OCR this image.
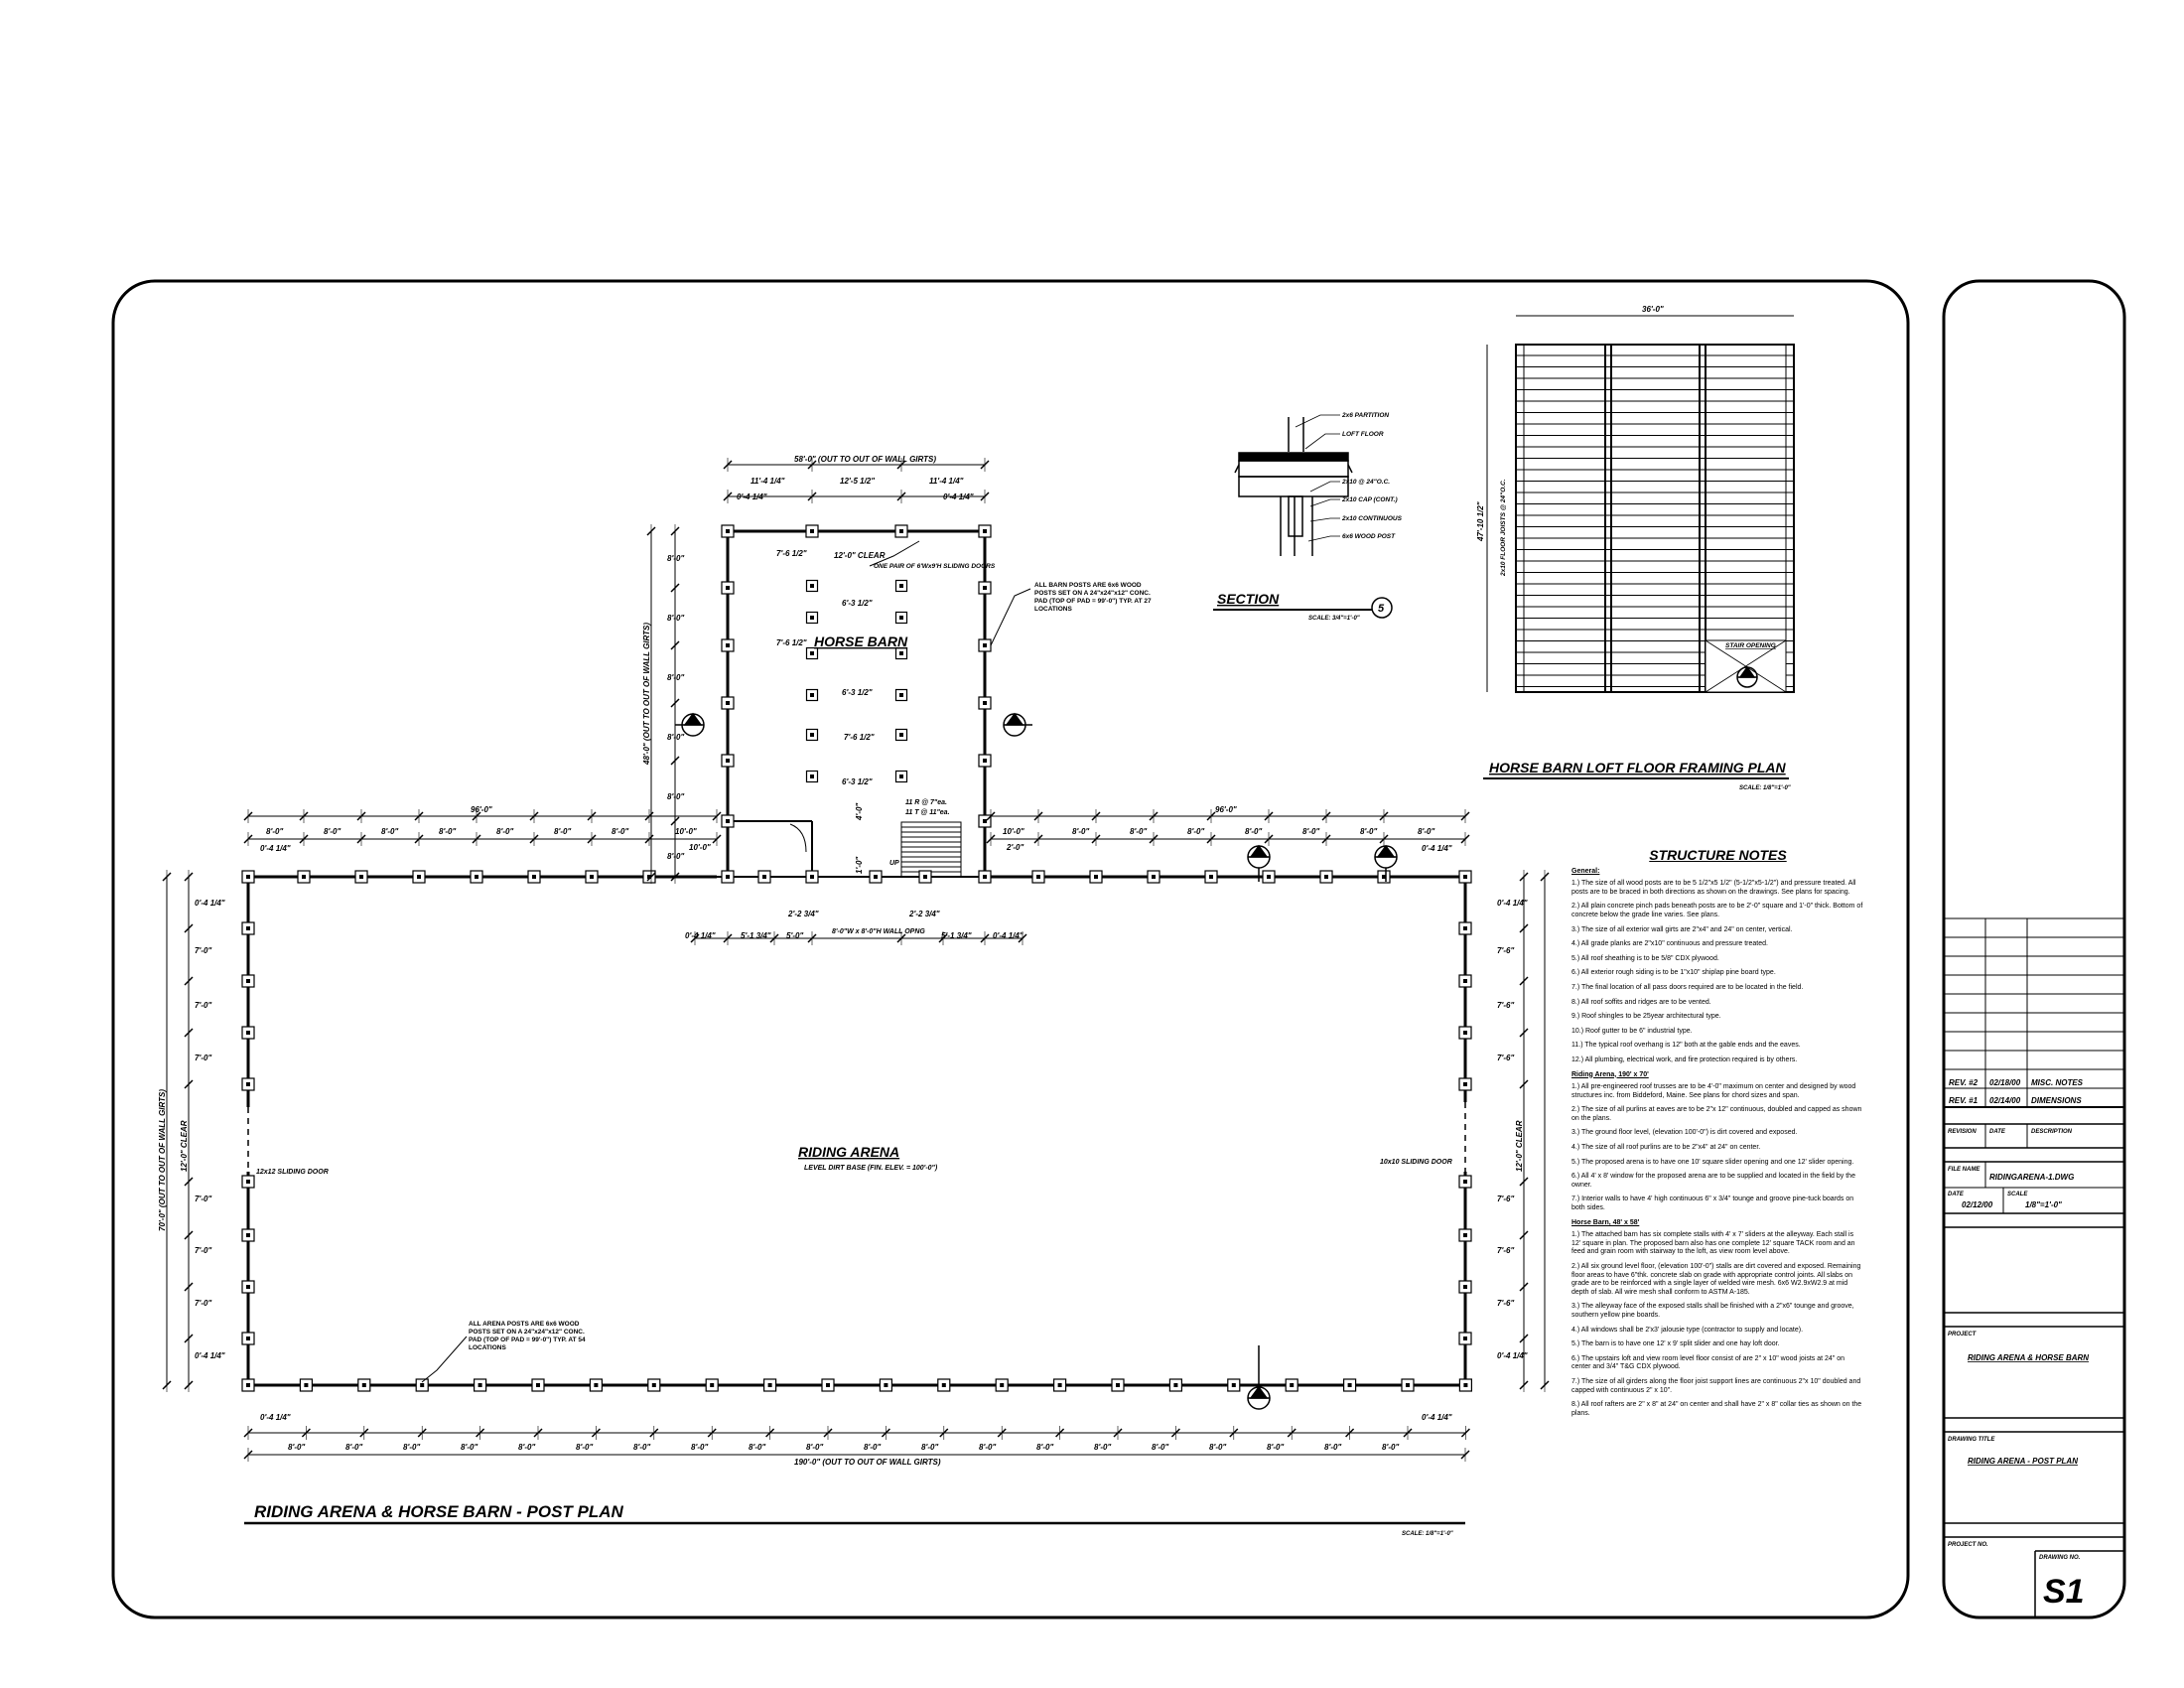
REV. #2 02/18/00 MISC. NOTES
REV. #1 02/14/00 DIMENSIONS
REVISION DATE	DESCRIPTION
FILE NAME
RIDINGARENA-1.DWG
DATE
02/12/00
SCALE
1/8"=1'-0"
PROJECT
RIDING ARENA & HORSE BARN
DRAWING TITLE
RIDING ARENA - POST PLAN
PROJECT NO.
DRAWING NO.
S1
UP
11 R @ 7"ea.
11 T @ 11"ea.
96'-0"	96'-0"
190'-0" (OUT TO OUT OF WALL GIRTS)
58'-0" (OUT TO OUT OF WALL GIRTS)
11'-4 1/4"	12'-5 1/2"	11'-4 1/4"
0'-4 1/4"	0'-4 1/4"
48'-0" (OUT TO OUT OF WALL GIRTS)
70'-0" (OUT TO OUT OF WALL GIRTS) 12'-0" CLEAR	12'-0" CLEAR
8'-0"	8'-0"	8'-0"	8'-0"	8'-0"	8'-0"	8'-0"	10'-0"	10'-0"	8'-0"	8'-0"	8'-0"	8'-0"	8'-0"	8'-0"	8'-0"
0'-4 1/4"	0'-4 1/4"
0'-4 1/4"	0'-4 1/4"
0'-4 1/4"	0'-4 1/4"
5'-1 3/4" 5'-0"	5'-1 3/4"
2'-2 3/4"	2'-2 3/4"
8'-0"W x 8'-0"H WALL OPNG
2'-0"
10'-0"
4'-0"
1'-0"
8'-0" 8'-0" 8'-0" 8'-0" 8'-0" 8'-0"
7'-6 1/2" 6'-3 1/2" 7'-6 1/2" 6'-3 1/2" 7'-6 1/2" 6'-3 1/2"
12'-0" CLEAR
0'-4 1/4" 7'-0" 7'-0" 7'-0" 7'-0" 7'-0" 7'-0" 0'-4 1/4"
0'-4 1/4" 7'-6" 7'-6" 7'-6" 7'-6" 7'-6" 7'-6" 0'-4 1/4"
8'-0"	8'-0"	8'-0"	8'-0"	8'-0"	8'-0"	8'-0"	8'-0"	8'-0"	8'-0"	8'-0"	8'-0"	8'-0"	8'-0"	8'-0"	8'-0"	8'-0"	8'-0"	8'-0"	8'-0"
HORSE BARN
RIDING ARENA
LEVEL DIRT BASE (FIN. ELEV. = 100'-0")
12x12 SLIDING DOOR
10x10 SLIDING DOOR
ONE PAIR OF 6'Wx9'H SLIDING DOORS
ALL BARN POSTS ARE 6x6 WOOD POSTS SET ON A 24"x24"x12" CONC. PAD (TOP OF PAD = 99'-0") TYP. AT 27 LOCATIONS
ALL ARENA POSTS ARE 6x6 WOOD POSTS SET ON A 24"x24"x12" CONC. PAD (TOP OF PAD = 99'-0") TYP. AT 54 LOCATIONS
RIDING ARENA & HORSE BARN - POST PLAN
SCALE: 1/8"=1'-0"
2x6 PARTITION LOFT FLOOR 2x10 @ 24"O.C. 2x10 CAP (CONT.) 2x10 CONTINUOUS 6x6 WOOD POST
SECTION
SCALE: 3/4"=1'-0"
5
STAIR OPENING
36'-0"
47'-10 1/2" 2x10 FLOOR JOISTS @ 24"O.C.
HORSE BARN LOFT FLOOR FRAMING PLAN
SCALE: 1/8"=1'-0"
STRUCTURE NOTES
General:
1.) The size of all wood posts are to be 5 1/2"x5 1/2" (5-1/2"x5-1/2") and pressure treated. All posts are to be braced in both directions as shown on the drawings. See plans for spacing.
2.) All plain concrete pinch pads beneath posts are to be 2'-0" square and 1'-0" thick. Bottom of concrete below the grade line varies. See plans.
3.) The size of all exterior wall girts are 2"x4" and 24" on center, vertical.
4.) All grade planks are 2"x10" continuous and pressure treated.
5.) All roof sheathing is to be 5/8" CDX plywood.
6.) All exterior rough siding is to be 1"x10" shiplap pine board type.
7.) The final location of all pass doors required are to be located in the field.
8.) All roof soffits and ridges are to be vented.
9.) Roof shingles to be 25year architectural type.
10.) Roof gutter to be 6" industrial type.
11.) The typical roof overhang is 12" both at the gable ends and the eaves.
12.) All plumbing, electrical work, and fire protection required is by others.
Riding Arena, 190' x 70'
1.) All pre-engineered roof trusses are to be 4'-0" maximum on center and designed by wood structures inc. from Biddeford, Maine. See plans for chord sizes and span.
2.) The size of all purlins at eaves are to be 2"x 12" continuous, doubled and capped as shown on the plans.
3.) The ground floor level, (elevation 100'-0") is dirt covered and exposed.
4.) The size of all roof purlins are to be 2"x4" at 24" on center.
5.) The proposed arena is to have one 10' square slider opening and one 12' slider opening.
6.) All 4' x 8' window for the proposed arena are to be supplied and located in the field by the owner.
7.) Interior walls to have 4' high continuous 6" x 3/4" tounge and groove pine-tuck boards on both sides.
Horse Barn, 48' x 58'
1.) The attached barn has six complete stalls with 4' x 7' sliders at the alleyway. Each stall is 12' square in plan. The proposed barn also has one complete 12' square TACK room and an feed and grain room with stairway to the loft, as view room level above.
2.) All six ground level floor, (elevation 100'-0") stalls are dirt covered and exposed. Remaining floor areas to have 6"thk. concrete slab on grade with appropriate control joints. All slabs on grade are to be reinforced with a single layer of welded wire mesh. 6x6 W2.9xW2.9 at mid depth of slab. All wire mesh shall conform to ASTM A-185.
3.) The alleyway face of the exposed stalls shall be finished with a 2"x6" tounge and groove, southern yellow pine boards.
4.) All windows shall be 2'x3' jalousie type (contractor to supply and locate).
5.) The barn is to have one 12' x 9' split slider and one hay loft door.
6.) The upstairs loft and view room level floor consist of are 2" x 10" wood joists at 24" on center and 3/4" T&G CDX plywood.
7.) The size of all girders along the floor joist support lines are continuous 2"x 10" doubled and capped with continuous 2" x 10".
8.) All roof rafters are 2" x 8" at 24" on center and shall have 2" x 8" collar ties as shown on the plans.
